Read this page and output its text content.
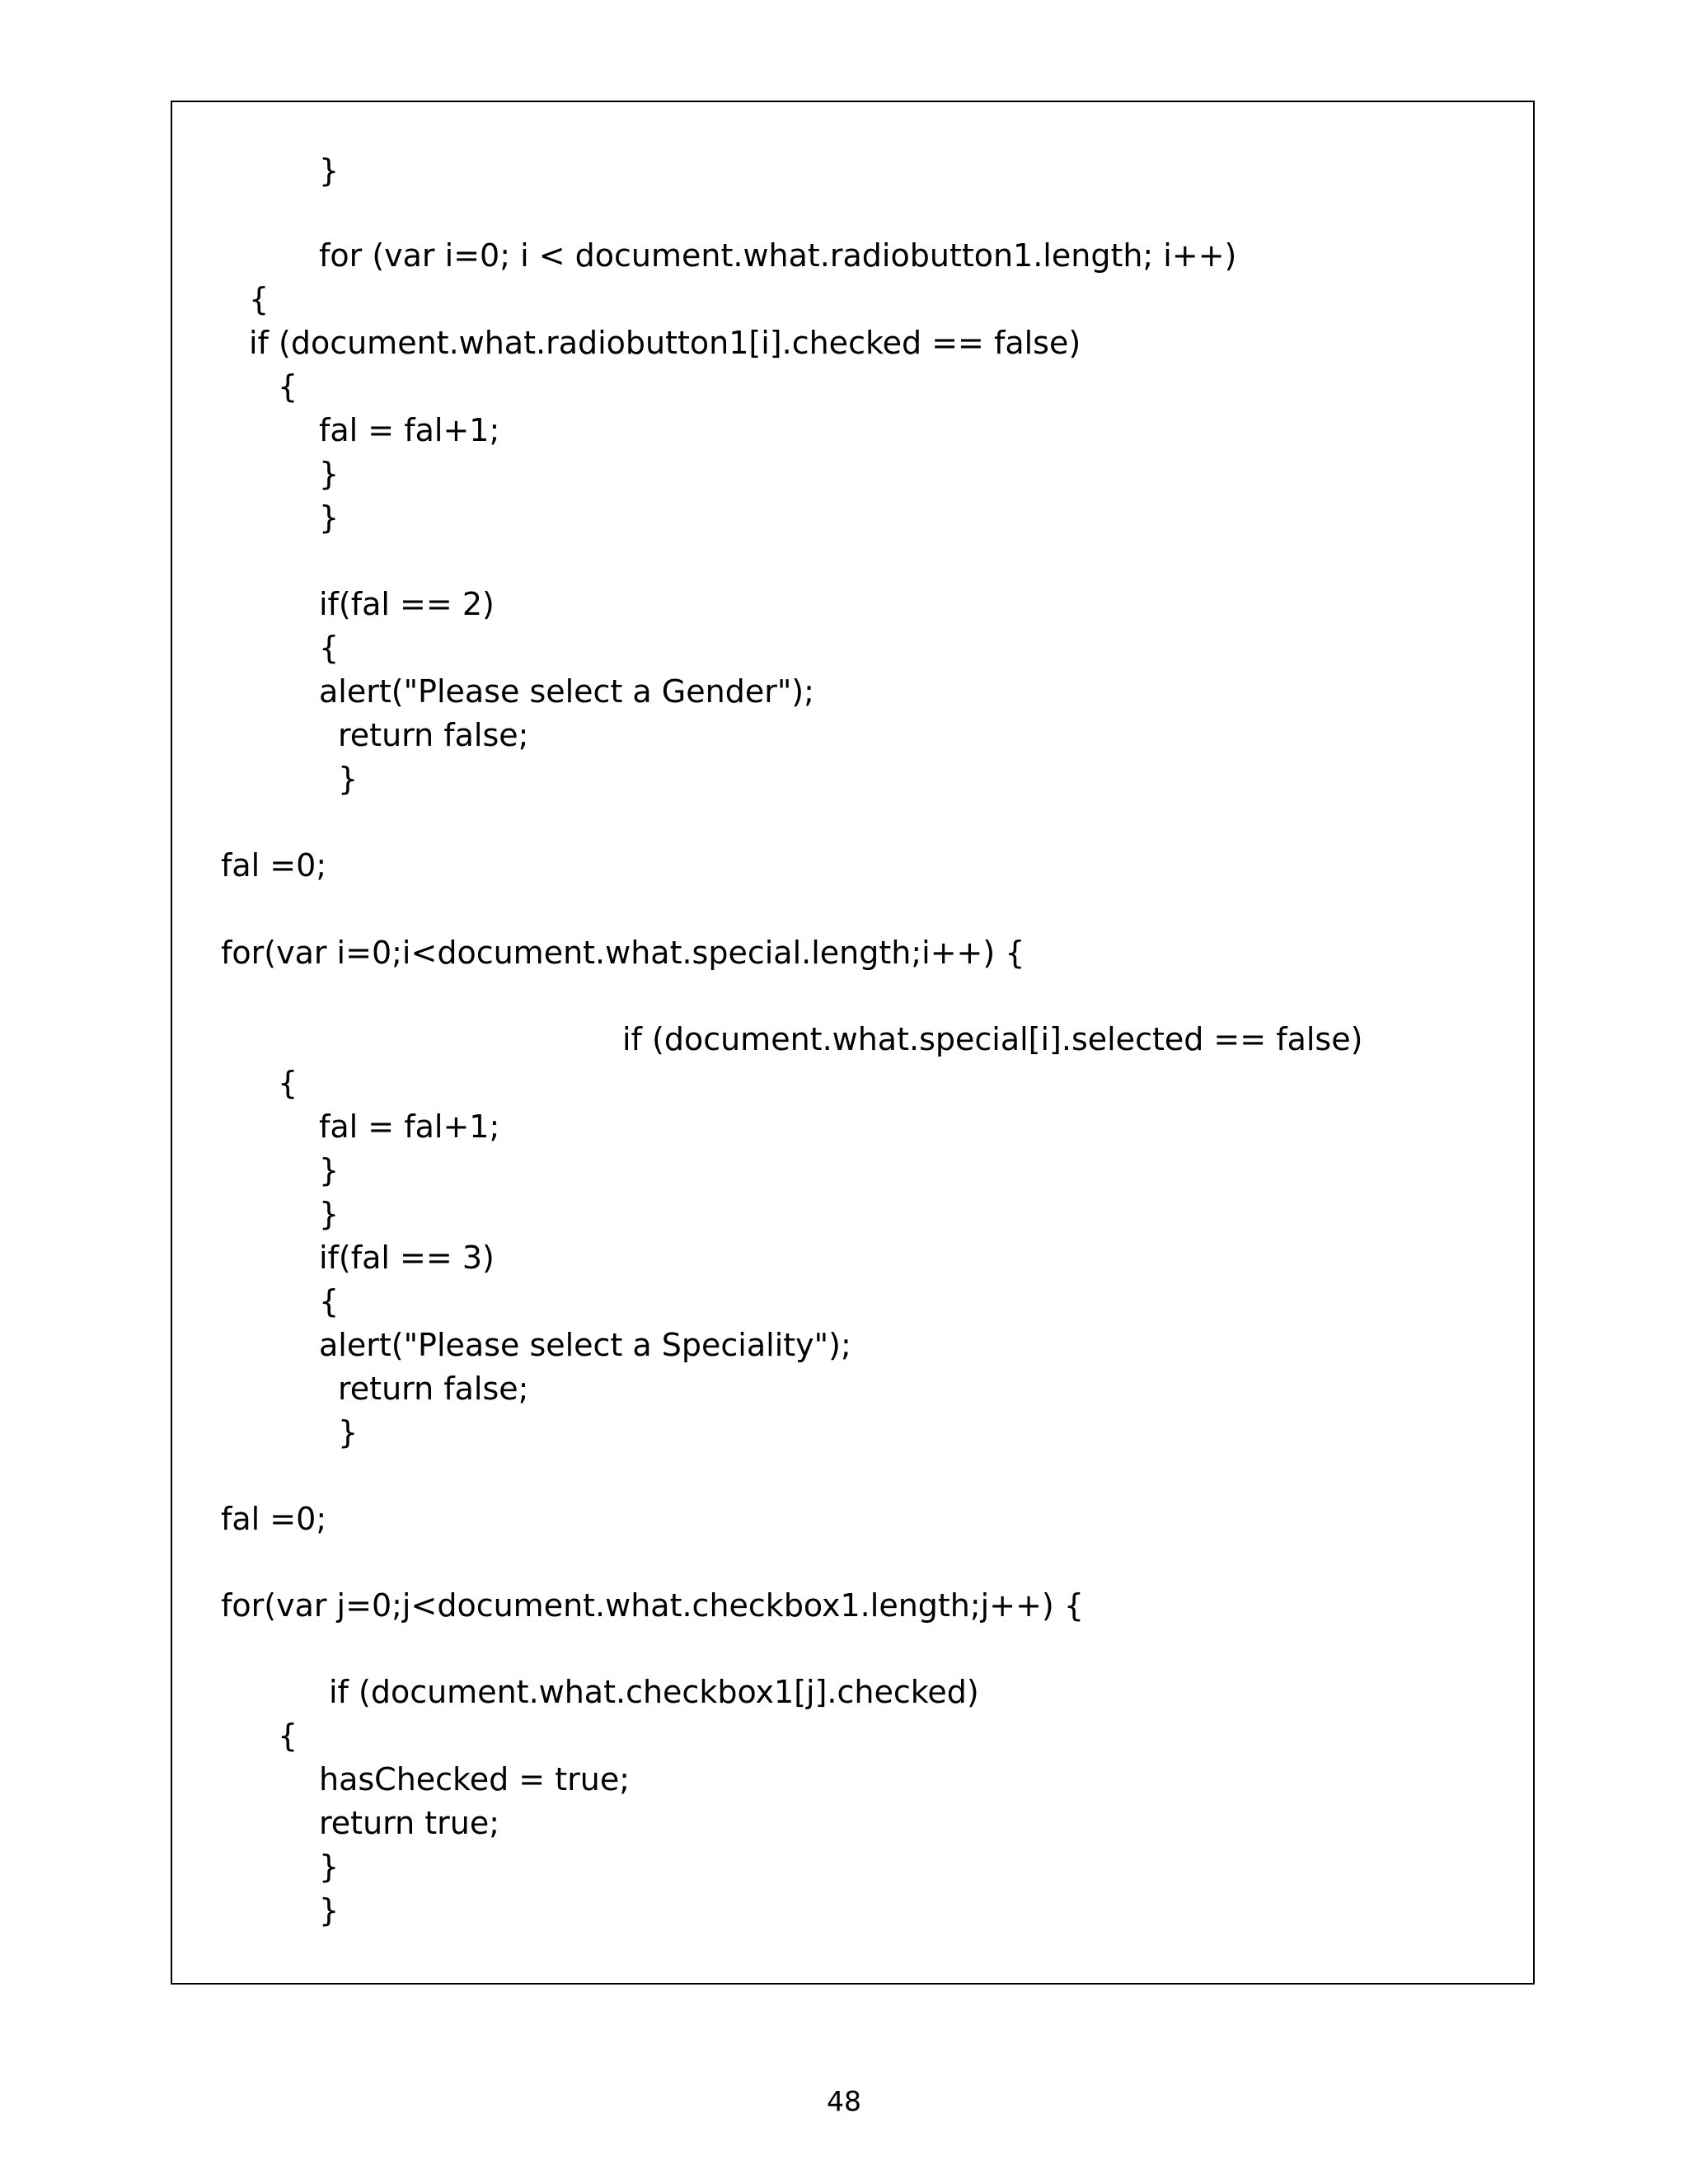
}
for (var i=0; i < document.what.radiobutton1.length; i++)
{
if (document.what.radiobutton1[i].checked == false)
{
fal = fal+1;
}
}
if(fal == 2)
{
alert("Please select a Gender");
return false;
}
fal =0;
for(var i=0;i<document.what.special.length;i++) {
if (document.what.special[i].selected == false)
{
fal = fal+1;
}
}
if(fal == 3)
{
alert("Please select a Speciality");
return false;
}
fal =0;
for(var j=0;j<document.what.checkbox1.length;j++) {
if (document.what.checkbox1[j].checked)
{
hasChecked = true;
return true;
}
}
48
